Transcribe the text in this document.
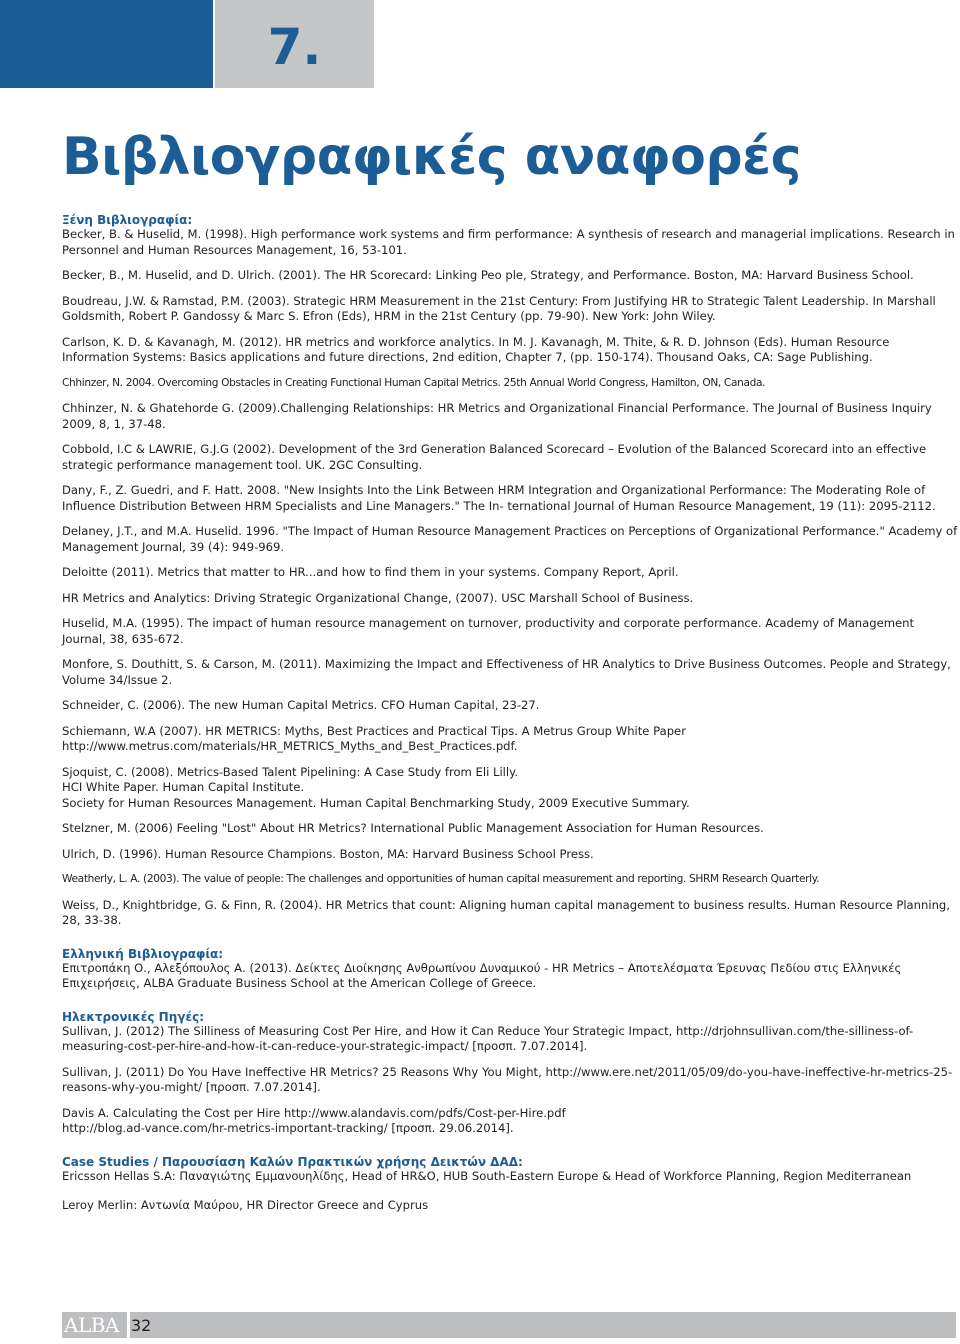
7.
Βιβλιογραφικές αναφορές
Ξένη Βιβλιογραφία:

Becker, B. & Huselid, M. (1998). High performance work systems and firm performance: A synthesis of research and managerial implications. Research in Personnel and Human Resources Management, 16, 53-101.

Becker, B., M. Huselid, and D. Ulrich. (2001). The HR Scorecard: Linking Peo ple, Strategy, and Performance. Boston, MA: Harvard Business School.

Boudreau, J.W. & Ramstad, P.M. (2003). Strategic HRM Measurement in the 21st Century: From Justifying HR to Strategic Talent Leadership. In Marshall Goldsmith, Robert P. Gandossy & Marc S. Efron (Eds), HRM in the 21st Century (pp. 79-90). New York: John Wiley.

Carlson, K. D. & Kavanagh, M. (2012). HR metrics and workforce analytics. In M. J. Kavanagh, M. Thite, & R. D. Johnson (Eds). Human Resource Information Systems: Basics applications and future directions, 2nd edition, Chapter 7, (pp. 150-174). Thousand Oaks, CA: Sage Publishing.

Chhinzer, N. 2004. Overcoming Obstacles in Creating Functional Human Capital Metrics. 25th Annual World Congress, Hamilton, ON, Canada.

Chhinzer, N. & Ghatehorde G. (2009).Challenging Relationships: HR Metrics and Organizational Financial Performance. The Journal of Business Inquiry 2009, 8, 1, 37-48.

Cobbold, I.C & LAWRIE, G.J.G (2002). Development of the 3rd Generation Balanced Scorecard – Evolution of the Balanced Scorecard into an effective strategic performance management tool. UK. 2GC Consulting.

Dany, F., Z. Guedri, and F. Hatt. 2008. "New Insights Into the Link Between HRM Integration and Organizational Performance: The Moderating Role of Influence Distribution Between HRM Specialists and Line Managers." The In- ternational Journal of Human Resource Management, 19 (11): 2095-2112.

Delaney, J.T., and M.A. Huselid. 1996. "The Impact of Human Resource Management Practices on Perceptions of Organizational Performance." Academy of Management Journal, 39 (4): 949-969.

Deloitte (2011). Metrics that matter to HR...and how to find them in your systems. Company Report, April.

HR Metrics and Analytics: Driving Strategic Organizational Change, (2007). USC Marshall School of Business.

Huselid, M.A. (1995). The impact of human resource management on turnover, productivity and corporate performance. Academy of Management Journal, 38, 635-672.

Monfore, S. Douthitt, S. & Carson, M. (2011). Maximizing the Impact and Effectiveness of HR Analytics to Drive Business Outcomes. People and Strategy, Volume 34/Issue 2.

Schneider, C. (2006). The new Human Capital Metrics. CFO Human Capital, 23-27.

Schiemann, W.A (2007). HR METRICS: Myths, Best Practices and Practical Tips. A Metrus Group White Paper http://www.metrus.com/materials/HR_METRICS_Myths_and_Best_Practices.pdf.

Sjoquist, C. (2008). Metrics-Based Talent Pipelining: A Case Study from Eli Lilly.

HCI White Paper. Human Capital Institute.

Society for Human Resources Management. Human Capital Benchmarking Study, 2009 Executive Summary.

Stelzner, M. (2006) Feeling "Lost" About HR Metrics? International Public Management Association for Human Resources.

Ulrich, D. (1996). Human Resource Champions. Boston, MA: Harvard Business School Press.

Weatherly, L. A. (2003). The value of people: The challenges and opportunities of human capital measurement and reporting. SHRM Research Quarterly.

Weiss, D., Knightbridge, G. & Finn, R. (2004). HR Metrics that count: Aligning human capital management to business results. Human Resource Planning, 28, 33-38.

Ελληνική Βιβλιογραφία:

Επιτροπάκη Ο., Αλεξόπουλος Α. (2013). Δείκτες Διοίκησης Ανθρωπίνου Δυναμικού - HR Metrics – Αποτελέσματα Έρευνας Πεδίου στις Ελληνικές Επιχειρήσεις, ALBA Graduate Business School at the American College of Greece.

Ηλεκτρονικές Πηγές:

Sullivan, J. (2012) The Silliness of Measuring Cost Per Hire, and How it Can Reduce Your Strategic Impact, http://drjohnsullivan.com/the-silliness-of-measuring-cost-per-hire-and-how-it-can-reduce-your-strategic-impact/ [προσπ. 7.07.2014].

Sullivan, J. (2011) Do You Have Ineffective HR Metrics? 25 Reasons Why You Might, http://www.ere.net/2011/05/09/do-you-have-ineffective-hr-metrics-25-reasons-why-you-might/ [προσπ. 7.07.2014].

Davis A. Calculating the Cost per Hire http://www.alandavis.com/pdfs/Cost-per-Hire.pdf

http://blog.ad-vance.com/hr-metrics-important-tracking/ [προσπ. 29.06.2014].

Case Studies / Παρουσίαση Καλών Πρακτικών χρήσης Δεικτών ΔΑΔ:

Ericsson Hellas S.A: Παναγιώτης Εμμανουηλίδης, Head of HR&O, HUB South-Eastern Europe & Head of Workforce Planning, Region Mediterranean

Leroy Merlin: Αντωνία Μαύρου, HR Director Greece and Cyprus

ALBA 32
